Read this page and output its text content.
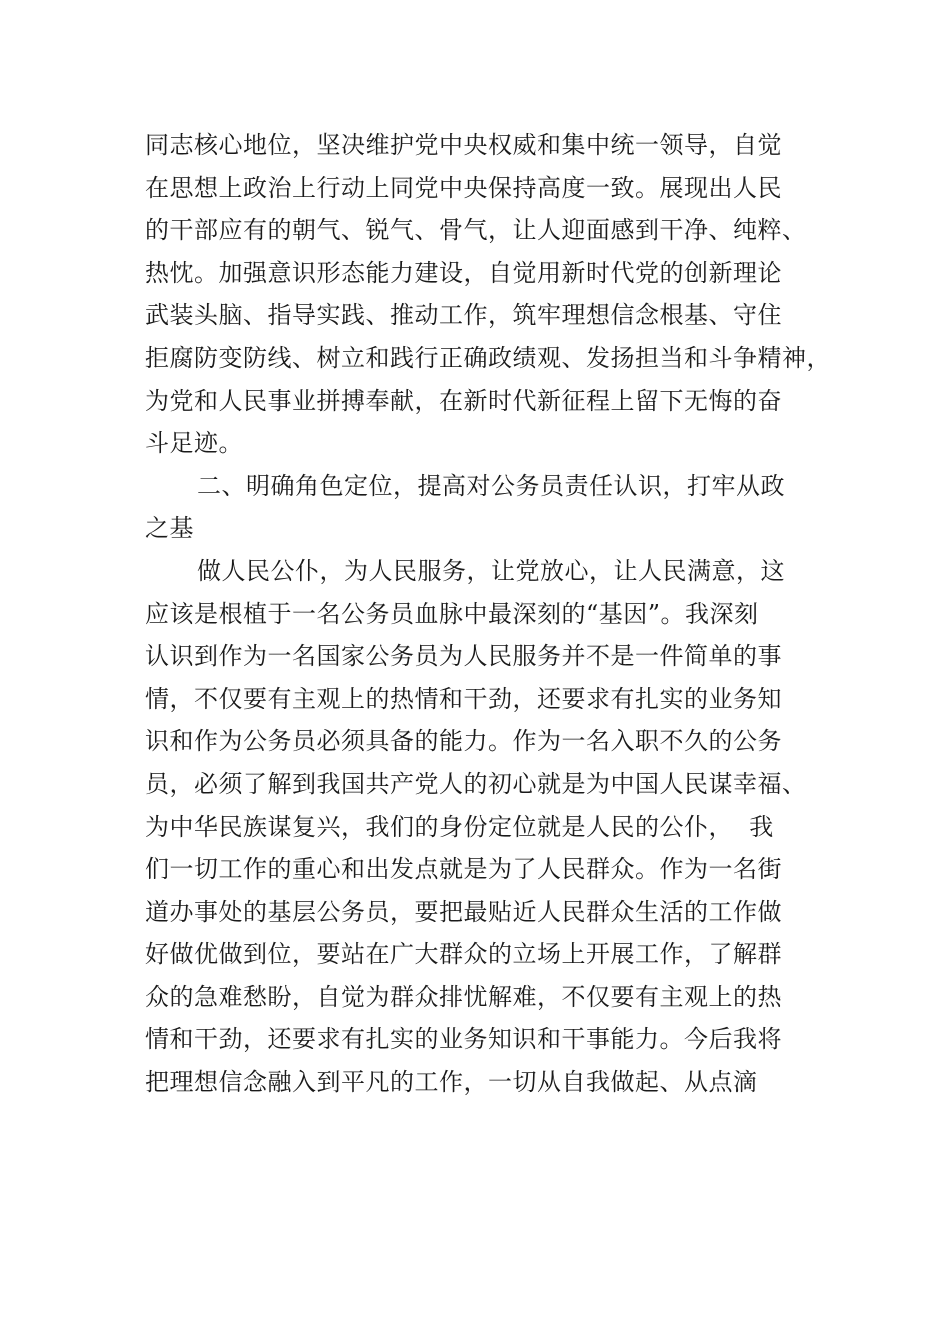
同志核心地位，坚决维护党中央权威和集中统一领导，自觉
在思想上政治上行动上同党中央保持高度一致。展现出人民
的干部应有的朝气、锐气、骨气，让人迎面感到干净、纯粹、
热忱。加强意识形态能力建设，自觉用新时代党的创新理论
武装头脑、指导实践、推动工作，筑牢理想信念根基、守住
拒腐防变防线、树立和践行正确政绩观、发扬担当和斗争精神，
为党和人民事业拼搏奉献，在新时代新征程上留下无悔的奋
斗足迹。
二、明确角色定位，提高对公务员责任认识，打牢从政
之基
做人民公仆，为人民服务，让党放心，让人民满意，这
应该是根植于一名公务员血脉中最深刻的“基因”。我深刻
认识到作为一名国家公务员为人民服务并不是一件简单的事
情，不仅要有主观上的热情和干劲，还要求有扎实的业务知
识和作为公务员必须具备的能力。作为一名入职不久的公务
员，必须了解到我国共产党人的初心就是为中国人民谋幸福、
为中华民族谋复兴，我们的身份定位就是人民的公仆，  我
们一切工作的重心和出发点就是为了人民群众。作为一名街
道办事处的基层公务员，要把最贴近人民群众生活的工作做
好做优做到位，要站在广大群众的立场上开展工作，了解群
众的急难愁盼，自觉为群众排忧解难，不仅要有主观上的热
情和干劲，还要求有扎实的业务知识和干事能力。今后我将
把理想信念融入到平凡的工作，一切从自我做起、从点滴
